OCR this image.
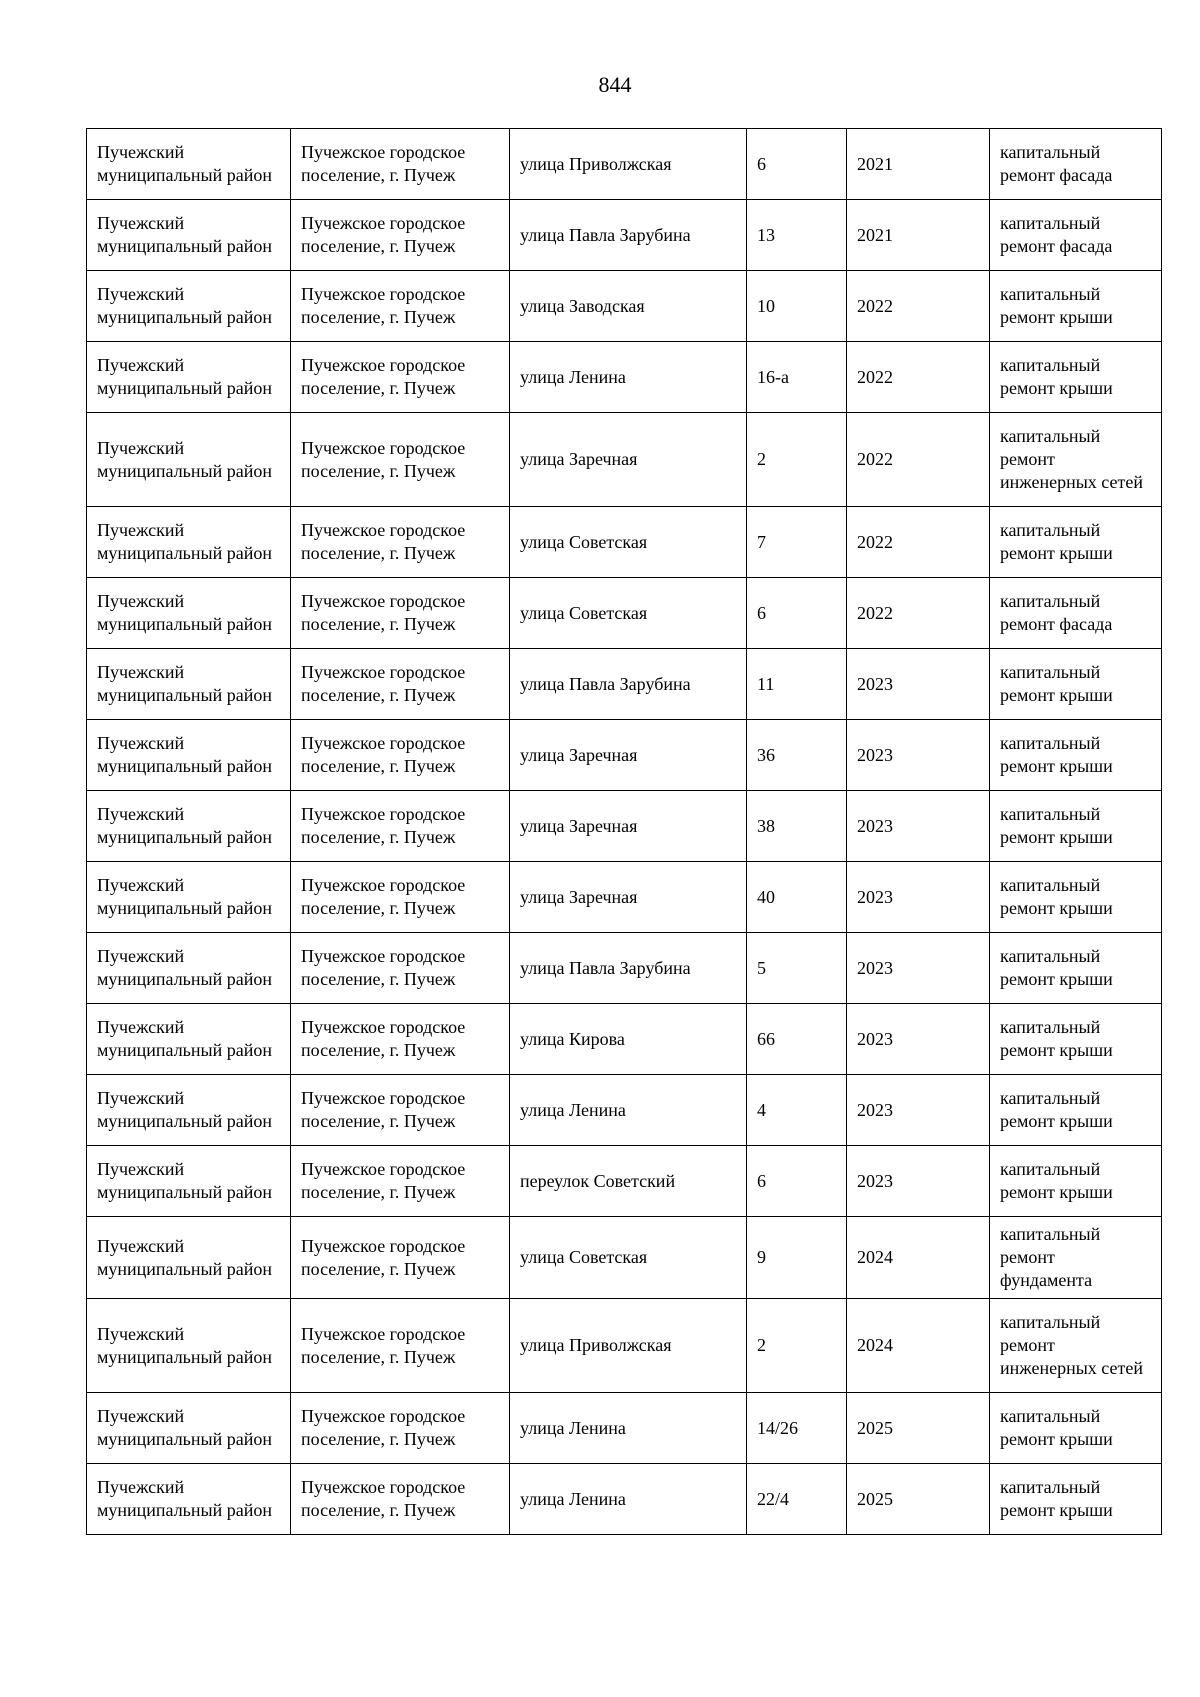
844
Пучежский муниципальный район	Пучежское городское поселение, г. Пучеж	улица Приволжская	6	2021	капитальный ремонт фасада
Пучежский муниципальный район	Пучежское городское поселение, г. Пучеж	улица Павла Зарубина	13	2021	капитальный ремонт фасада
Пучежский муниципальный район	Пучежское городское поселение, г. Пучеж	улица Заводская	10	2022	капитальный ремонт крыши
Пучежский муниципальный район	Пучежское городское поселение, г. Пучеж	улица Ленина	16-а	2022	капитальный ремонт крыши
Пучежский муниципальный район	Пучежское городское поселение, г. Пучеж	улица Заречная	2	2022	капитальный ремонт инженерных сетей
Пучежский муниципальный район	Пучежское городское поселение, г. Пучеж	улица Советская	7	2022	капитальный ремонт крыши
Пучежский муниципальный район	Пучежское городское поселение, г. Пучеж	улица Советская	6	2022	капитальный ремонт фасада
Пучежский муниципальный район	Пучежское городское поселение, г. Пучеж	улица Павла Зарубина	11	2023	капитальный ремонт крыши
Пучежский муниципальный район	Пучежское городское поселение, г. Пучеж	улица Заречная	36	2023	капитальный ремонт крыши
Пучежский муниципальный район	Пучежское городское поселение, г. Пучеж	улица Заречная	38	2023	капитальный ремонт крыши
Пучежский муниципальный район	Пучежское городское поселение, г. Пучеж	улица Заречная	40	2023	капитальный ремонт крыши
Пучежский муниципальный район	Пучежское городское поселение, г. Пучеж	улица Павла Зарубина	5	2023	капитальный ремонт крыши
Пучежский муниципальный район	Пучежское городское поселение, г. Пучеж	улица Кирова	66	2023	капитальный ремонт крыши
Пучежский муниципальный район	Пучежское городское поселение, г. Пучеж	улица Ленина	4	2023	капитальный ремонт крыши
Пучежский муниципальный район	Пучежское городское поселение, г. Пучеж	переулок Советский	6	2023	капитальный ремонт крыши
Пучежский муниципальный район	Пучежское городское поселение, г. Пучеж	улица Советская	9	2024	капитальный ремонт фундамента
Пучежский муниципальный район	Пучежское городское поселение, г. Пучеж	улица Приволжская	2	2024	капитальный ремонт инженерных сетей
Пучежский муниципальный район	Пучежское городское поселение, г. Пучеж	улица Ленина	14/26	2025	капитальный ремонт крыши
Пучежский муниципальный район	Пучежское городское поселение, г. Пучеж	улица Ленина	22/4	2025	капитальный ремонт крыши
